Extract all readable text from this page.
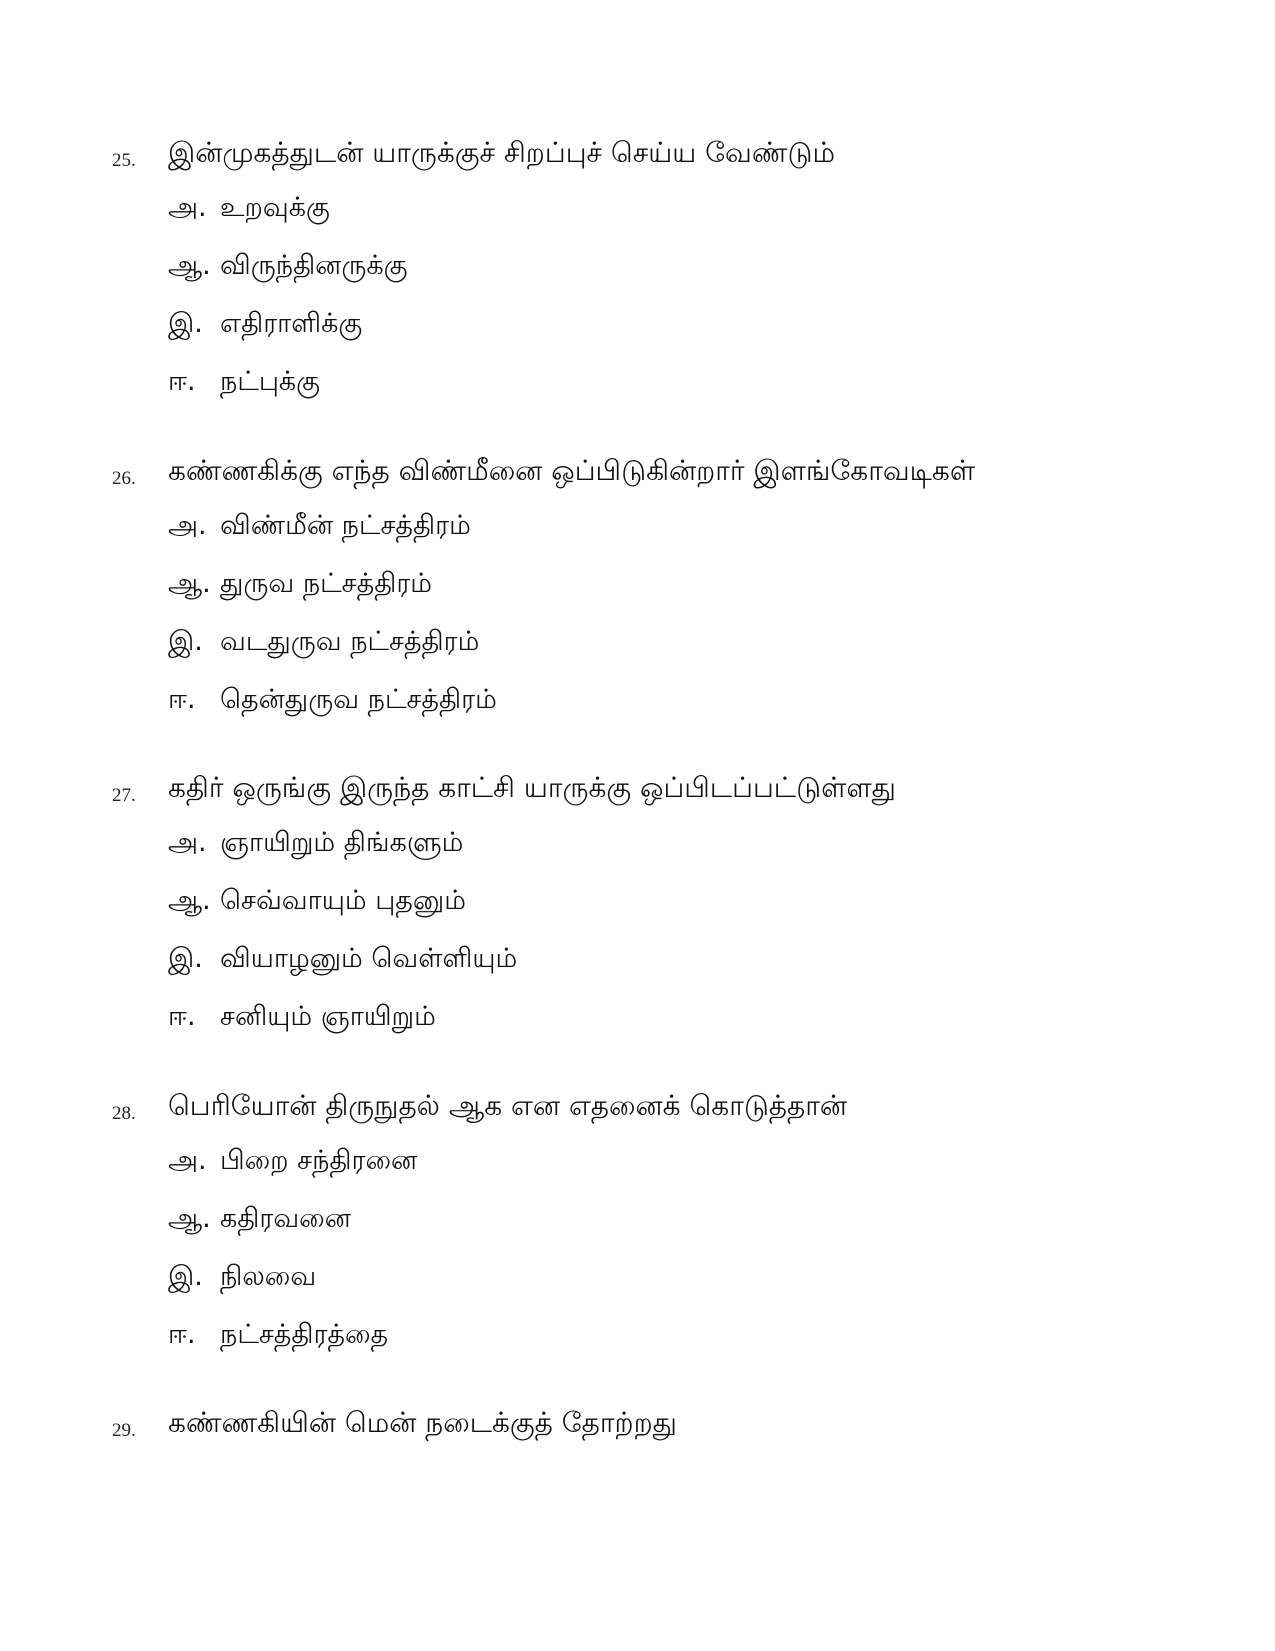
25. இன்முகத்துடன் யாருக்குச் சிறப்புச் செய்ய வேண்டும்
அ. உறவுக்கு
ஆ. விருந்தினருக்கு
இ. எதிராளிக்கு
ஈ. நட்புக்கு
26. கண்ணகிக்கு எந்த விண்மீனை ஒப்பிடுகின்றார் இளங்கோவடிகள்
அ. விண்மீன் நட்சத்திரம்
ஆ. துருவ நட்சத்திரம்
இ. வடதுருவ நட்சத்திரம்
ஈ. தென்துருவ நட்சத்திரம்
27. கதிர் ஒருங்கு இருந்த காட்சி யாருக்கு ஒப்பிடப்பட்டுள்ளது
அ. ஞாயிறும் திங்களும்
ஆ. செவ்வாயும் புதனும்
இ. வியாழனும் வெள்ளியும்
ஈ. சனியும் ஞாயிறும்
28. பெரியோன் திருநுதல் ஆக என எதனைக் கொடுத்தான்
அ. பிறை சந்திரனை
ஆ. கதிரவனை
இ. நிலவை
ஈ. நட்சத்திரத்தை
29. கண்ணகியின் மென் நடைக்குத் தோற்றது
